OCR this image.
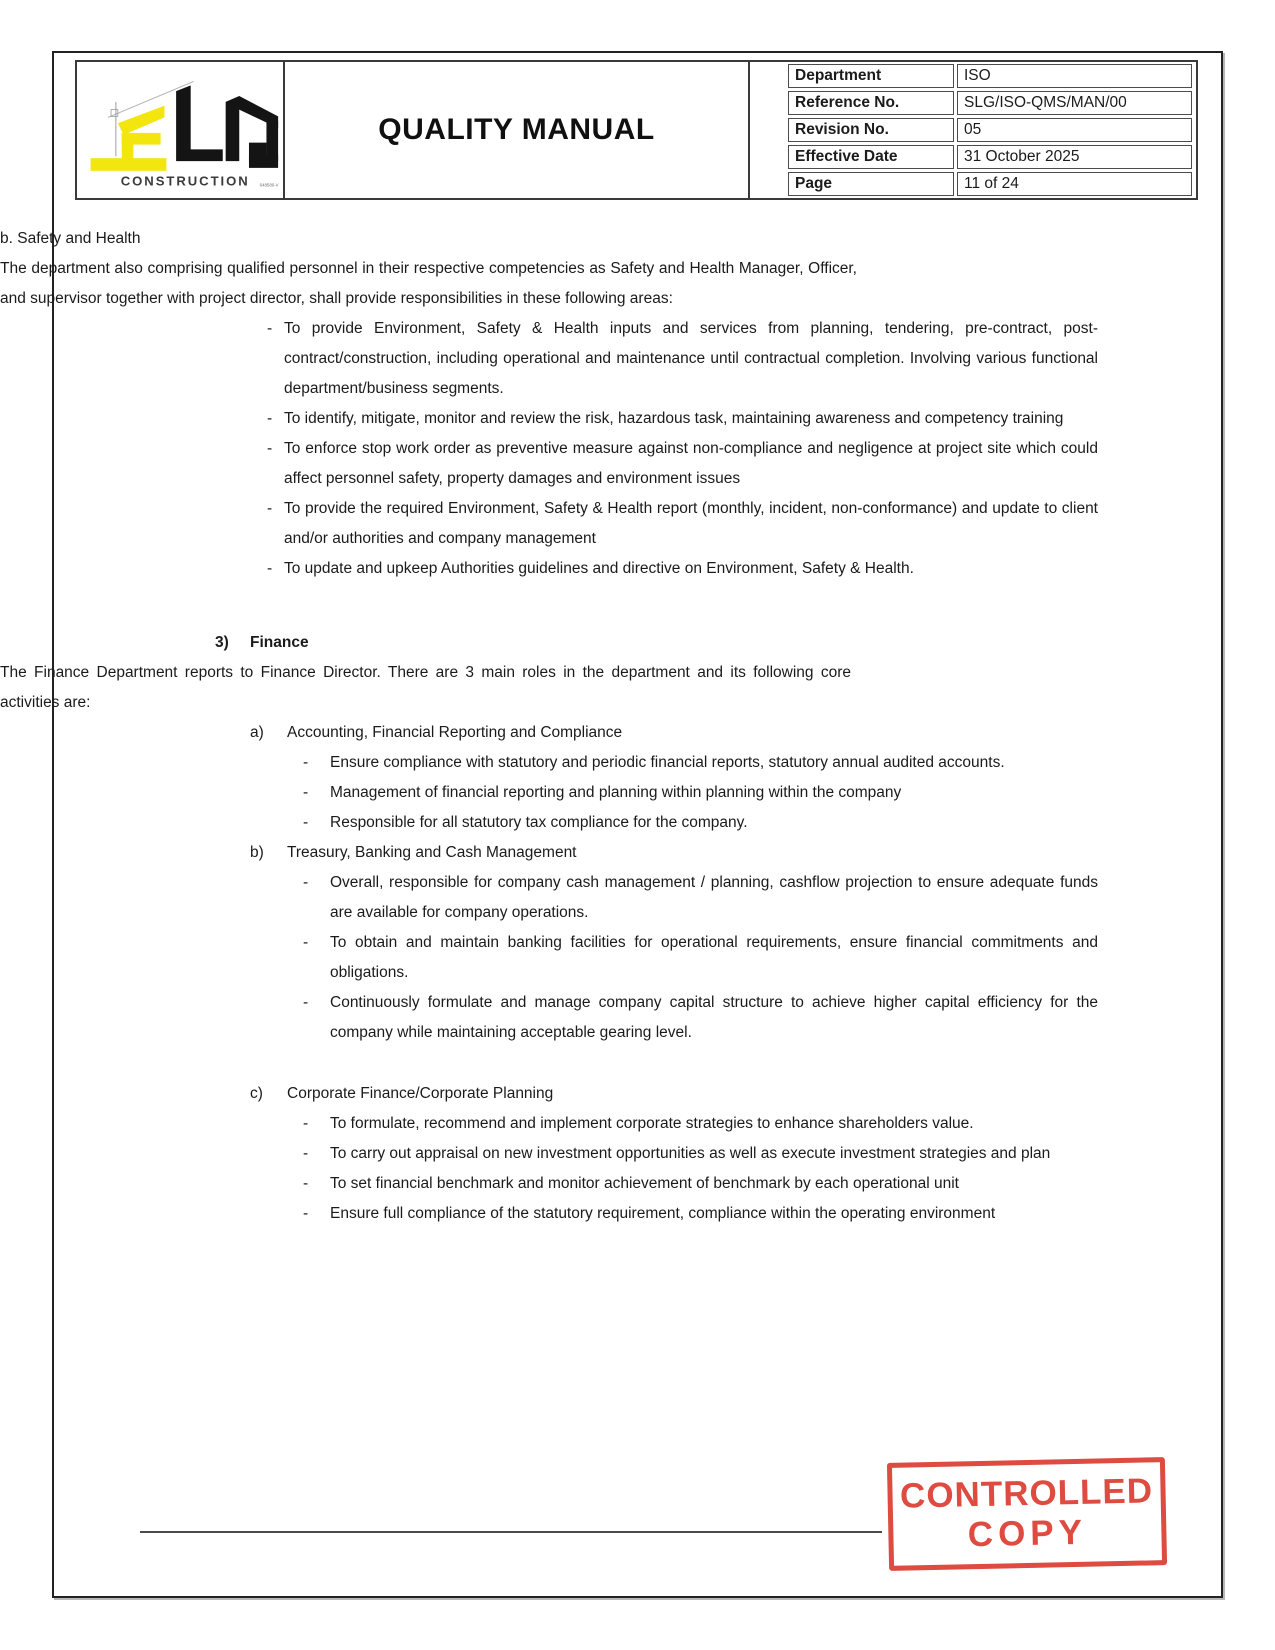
CONSTRUCTION 648580-V
QUALITY MANUAL
Department	ISO
Reference No.	SLG/ISO-QMS/MAN/00
Revision No.	05
Effective Date	31 October 2025
Page	11 of 24

b. Safety and Health

The department also comprising qualified personnel in their respective competencies as Safety and Health Manager, Officer, and supervisor together with project director, shall provide responsibilities in these following areas:

- To provide Environment, Safety & Health inputs and services from planning, tendering, pre-contract, post-contract/construction, including operational and maintenance until contractual completion. Involving various functional department/business segments.

- To identify, mitigate, monitor and review the risk, hazardous task, maintaining awareness and competency training

- To enforce stop work order as preventive measure against non-compliance and negligence at project site which could affect personnel safety, property damages and environment issues

- To provide the required Environment, Safety & Health report (monthly, incident, non-conformance) and update to client and/or authorities and company management

- To update and upkeep Authorities guidelines and directive on Environment, Safety & Health.

3)	Finance

The Finance Department reports to Finance Director. There are 3 main roles in the department and its following core activities are:

a)	Accounting, Financial Reporting and Compliance
-	Ensure compliance with statutory and periodic financial reports, statutory annual audited accounts.

-	Management of financial reporting and planning within planning within the company

-	Responsible for all statutory tax compliance for the company.

b)	Treasury, Banking and Cash Management
-	Overall, responsible for company cash management / planning, cashflow projection to ensure adequate funds are available for company operations.

-	To obtain and maintain banking facilities for operational requirements, ensure financial commitments and obligations.

-	Continuously formulate and manage company capital structure to achieve higher capital efficiency for the company while maintaining acceptable gearing level.

c)	Corporate Finance/Corporate Planning
-	To formulate, recommend and implement corporate strategies to enhance shareholders value.

-	To carry out appraisal on new investment opportunities as well as execute investment strategies and plan

-	To set financial benchmark and monitor achievement of benchmark by each operational unit

-	Ensure full compliance of the statutory requirement, compliance within the operating environment

CONTROLLED
COPY
